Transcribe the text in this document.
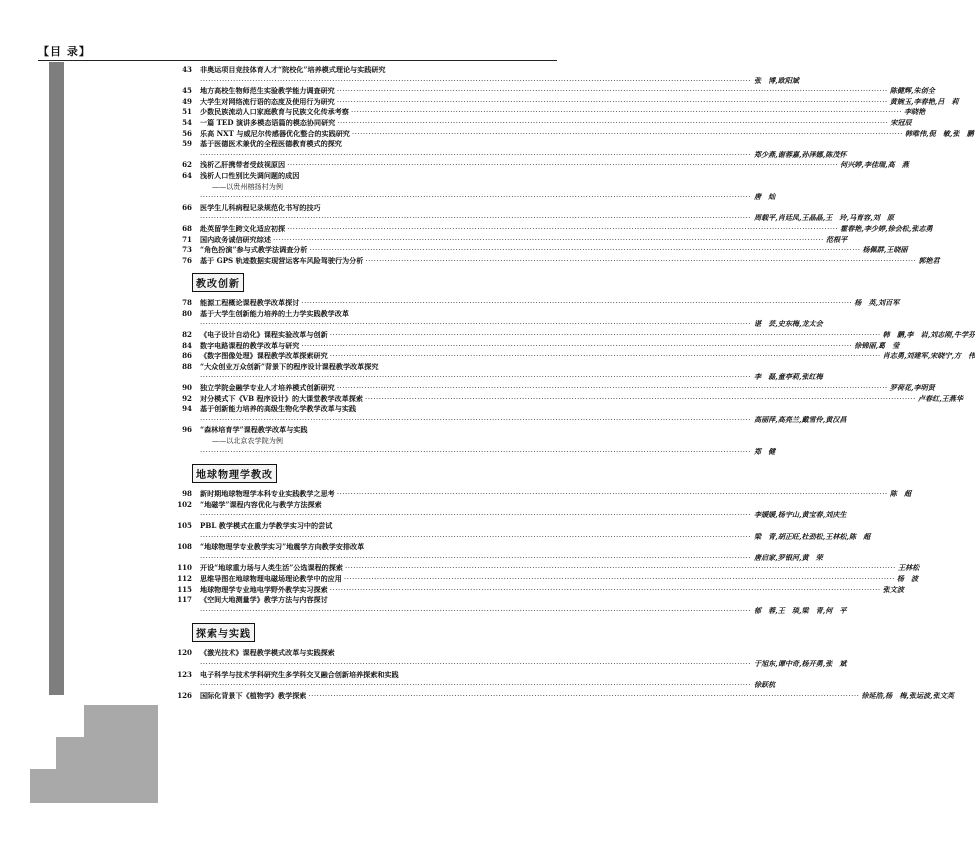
【目 录】
43 非奥运项目竞技体育人才“院校化”培养模式理论与实践研究
········································································································································································································ 张　博,欧阳斌
45 地方高校生物师范生实验教学能力调查研究 ········································································································································································································ 陈健辉,朱创全
49 大学生对网络流行语的态度及使用行为研究 ········································································································································································································ 黄婉玉,李春艳,吕　莉
51 少数民族流动人口家庭教育与民族文化传承考察 ········································································································································································································ 李晓艳
54 一篇 TED 演讲多模态语篇的模态协同研究 ········································································································································································································ 宋冠辰
56 乐高 NXT 与威尼尔传感器优化整合的实践研究 ········································································································································································································ 韩唯伟,倪　敏,张　鹏
59 基于医德医术兼优的全程医德教育模式的探究
········································································································································································································ 郑少燕,谢蓉嘉,孙泽娜,陈茂怀
62 浅析乙肝携带者受歧视原因 ········································································································································································································ 何兴婷,李佳瑞,高　燕
64 浅析人口性别比失调问题的成因
——以贵州榕扬村为例
········································································································································································································ 唐　灿
66 医学生儿科病程记录规范化书写的技巧
········································································································································································································ 周载平,肖廷凤,王晶晶,王　玲,马育容,刘　原
68 赴英留学生跨文化适应初探 ········································································································································································································ 霍春艳,李少婷,徐会松,张志勇
71 国内政务诚信研究综述 ········································································································································································································ 范根平
73 “角色扮演”参与式教学法调查分析 ········································································································································································································ 杨佩群,王晓丽
76 基于 GPS 轨迹数据实现营运客车风险驾驶行为分析 ········································································································································································································ 郭艳君
教改创新
78 能源工程概论课程教学改革探讨 ········································································································································································································ 杨　英,刘百军
80 基于大学生创新能力培养的土力学实践教学改革
········································································································································································································ 谌　芸,史东梅,龙太会
82 《电子设计自动化》课程实验改革与创新 ········································································································································································································ 韩　鹏,李　岩,刘志刚,牛学芬
84 数字电路课程的教学改革与研究 ········································································································································································································ 徐锦丽,葛　莹
86 《数字图像处理》课程教学改革探索研究 ········································································································································································································ 肖志勇,刘建军,宋晓宁,方　伟
88 “大众创业万众创新”背景下的程序设计课程教学改革探究
········································································································································································································ 李　磊,童亭莉,张红梅
90 独立学院金融学专业人才培养模式创新研究 ········································································································································································································ 罗荷花,李明贤
92 对分模式下《VB 程序设计》的大课堂教学改革探索 ········································································································································································································ 卢春红,王燕华
94 基于创新能力培养的高级生物化学教学改革与实践
········································································································································································································ 高丽萍,高亮兰,戴雪伶,黄汉昌
96 “森林培育学”课程教学改革与实践
——以北京农学院为例
········································································································································································································ 郑　健
地球物理学教改
98 新时期地球物理学本科专业实践教学之思考 ········································································································································································································ 陈　超
102 “地磁学”课程内容优化与教学方法探索
········································································································································································································ 李媛媛,杨宇山,黄宝春,刘庆生
105 PBL 教学模式在重力学教学实习中的尝试
········································································································································································································ 梁　青,胡正旺,杜劲松,王林松,陈　超
108 “地球物理学专业教学实习”地震学方向教学安排改革
········································································································································································································ 唐启家,罗银河,黄　荣
110 开设“地球重力场与人类生活”公选课程的探索 ········································································································································································································ 王林松
112 思维导图在地球物理电磁场理论教学中的应用 ········································································································································································································ 杨　波
115 地球物理学专业地电学野外教学实习探索 ········································································································································································································ 张文波
117 《空间大地测量学》教学方法与内容探讨
········································································································································································································ 郁　蓉,王　琰,梁　青,何　平
探索与实践
120 《激光技术》课程教学模式改革与实践探索
········································································································································································································ 于旭东,谭中奇,杨开勇,张　斌
123 电子科学与技术学科研究生多学科交叉融合创新培养探索和实践
········································································································································································································ 徐跃杭
126 国际化背景下《植物学》教学探索 ········································································································································································································ 徐延浩,杨　梅,张运波,张文英
